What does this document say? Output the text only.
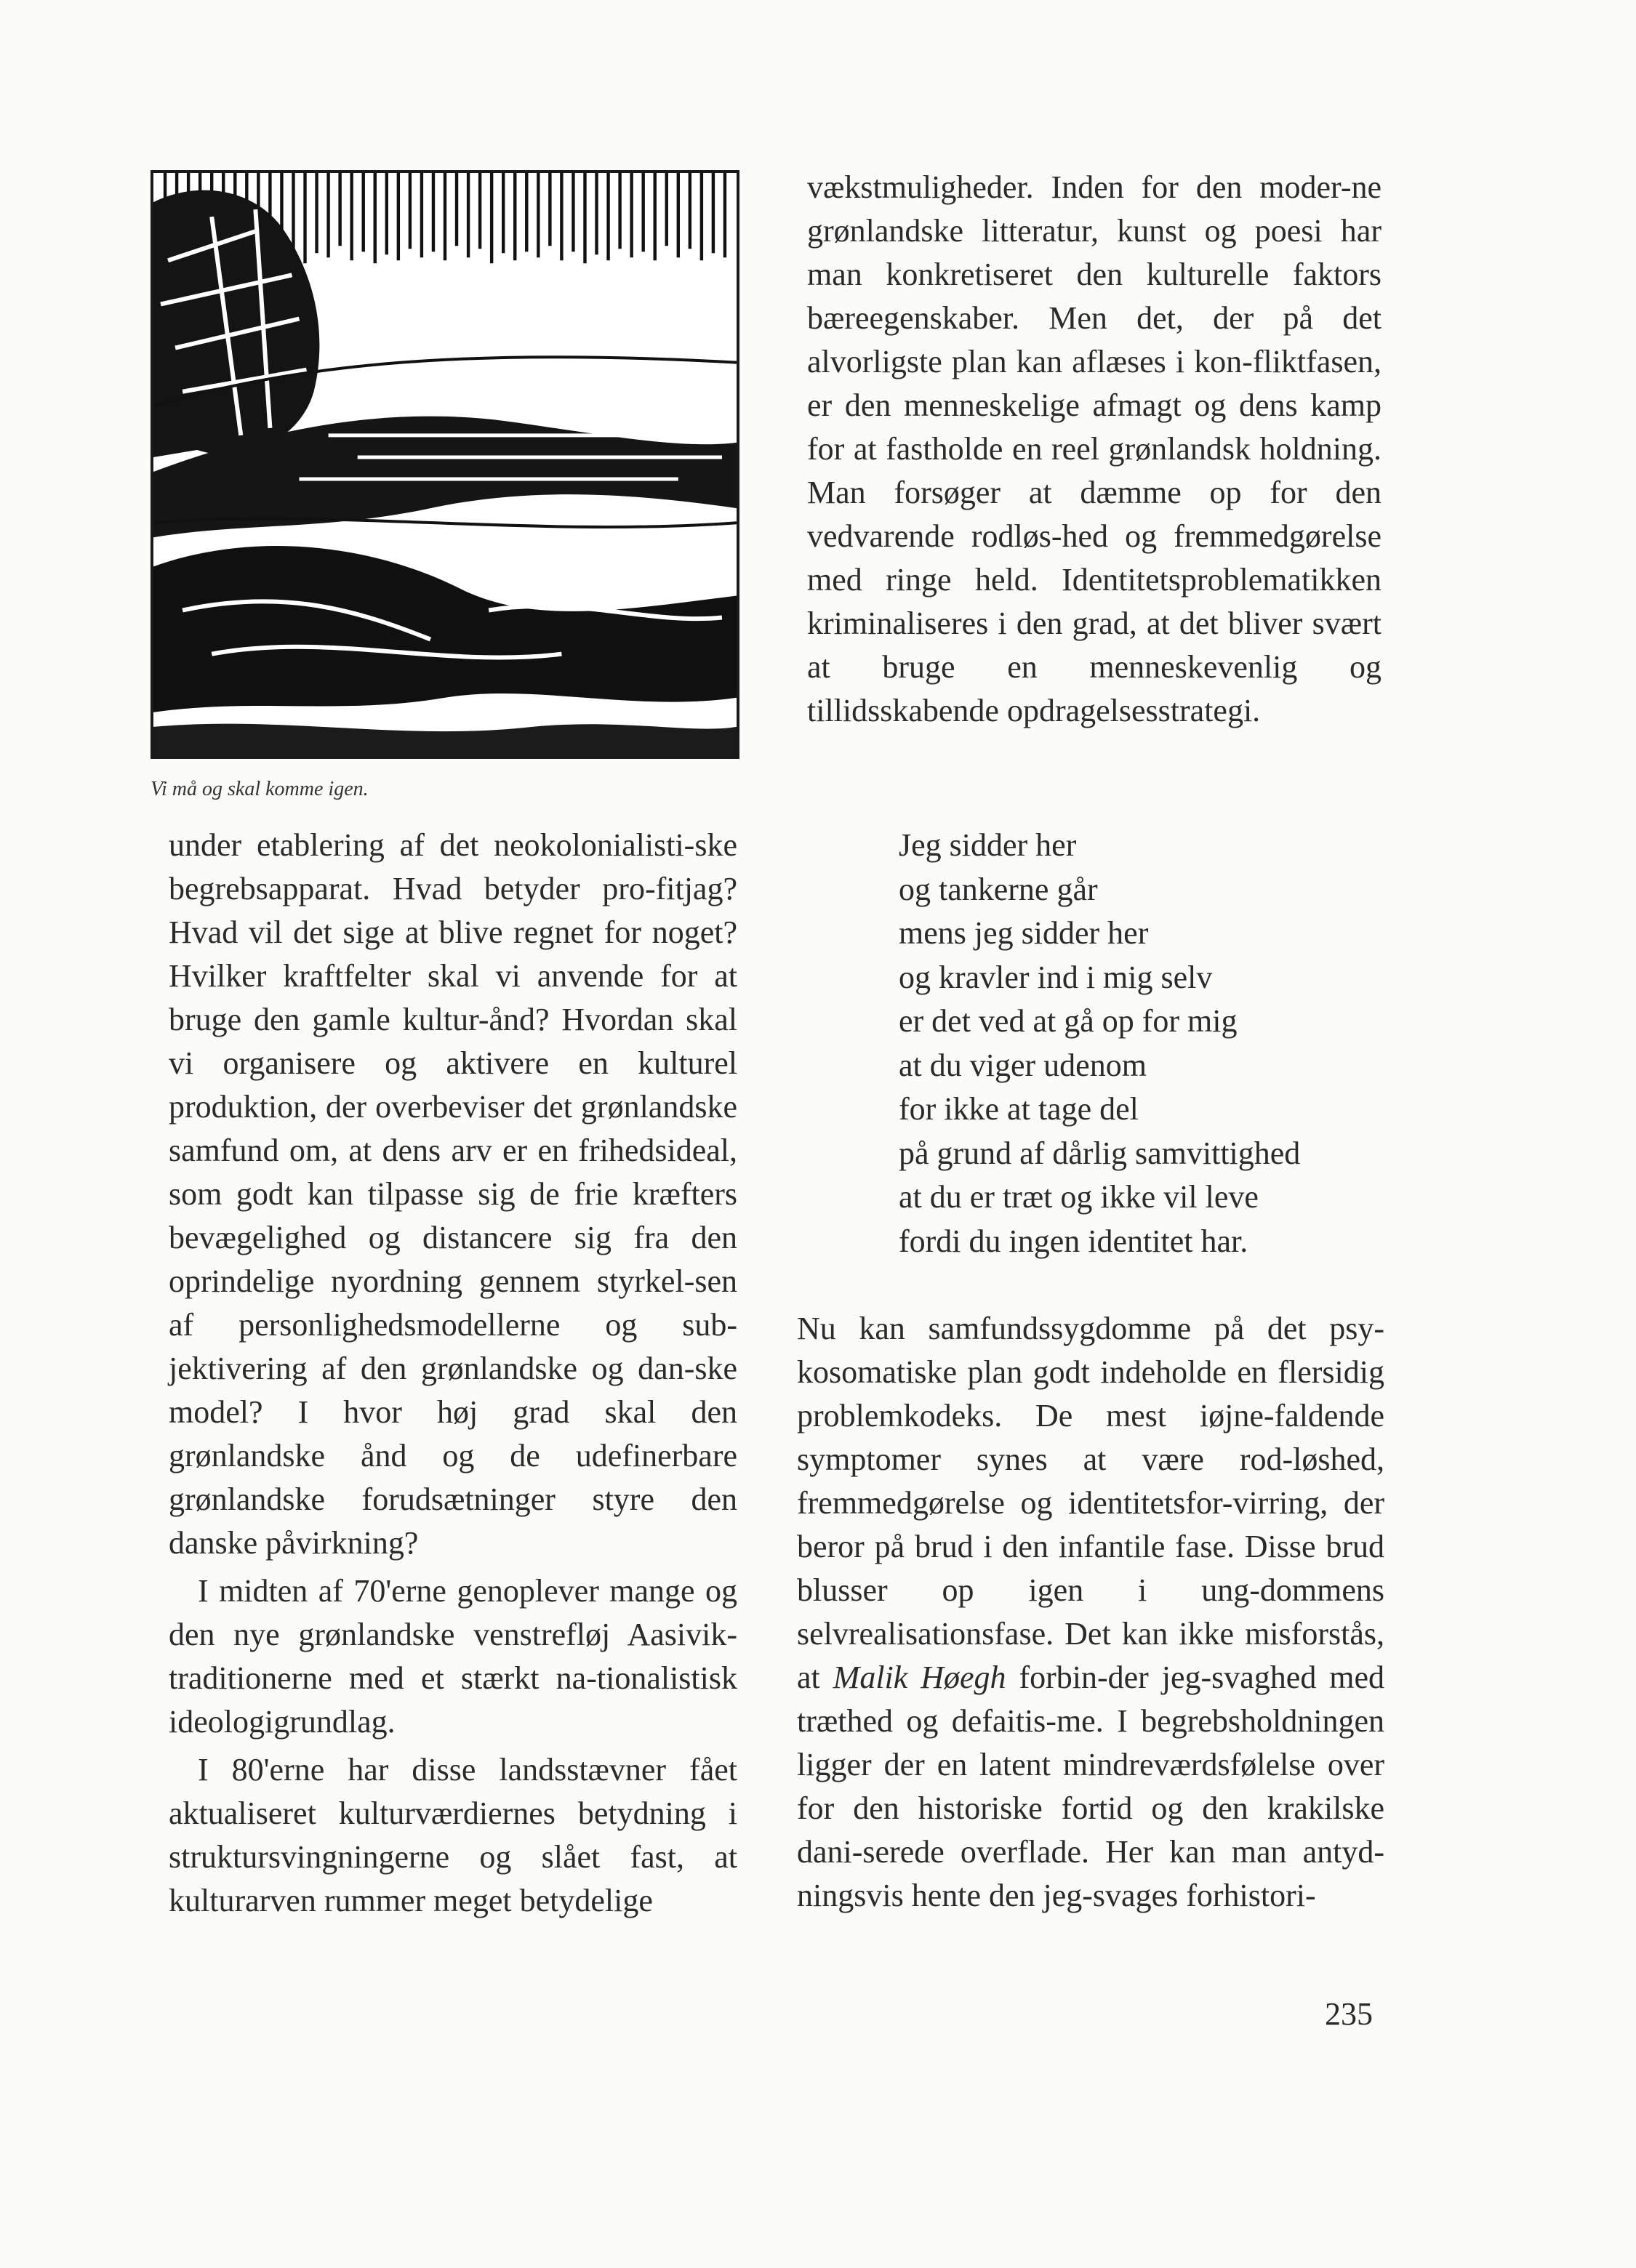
Vi må og skal komme igen.

under etablering af det neokolonialisti-ske begrebsapparat. Hvad betyder pro-fitjag? Hvad vil det sige at blive regnet for noget? Hvilker kraftfelter skal vi anvende for at bruge den gamle kultur-ånd? Hvordan skal vi organisere og aktivere en kulturel produktion, der overbeviser det grønlandske samfund om, at dens arv er en frihedsideal, som godt kan tilpasse sig de frie kræfters bevægelighed og distancere sig fra den oprindelige nyordning gennem styrkel-sen af personlighedsmodellerne og sub-jektivering af den grønlandske og dan-ske model? I hvor høj grad skal den grønlandske ånd og de udefinerbare grønlandske forudsætninger styre den danske påvirkning?

I midten af 70'erne genoplever mange og den nye grønlandske venstrefløj Aasivik-traditionerne med et stærkt na-tionalistisk ideologigrundlag.

I 80'erne har disse landsstævner fået aktualiseret kulturværdiernes betydning i struktursvingningerne og slået fast, at kulturarven rummer meget betydelige

vækstmuligheder. Inden for den moder-ne grønlandske litteratur, kunst og poesi har man konkretiseret den kulturelle faktors bæreegenskaber. Men det, der på det alvorligste plan kan aflæses i kon-fliktfasen, er den menneskelige afmagt og dens kamp for at fastholde en reel grønlandsk holdning. Man forsøger at dæmme op for den vedvarende rodløs-hed og fremmedgørelse med ringe held. Identitetsproblematikken kriminaliseres i den grad, at det bliver svært at bruge en menneskevenlig og tillidsskabende opdragelsesstrategi.

Jeg sidder her
og tankerne går
mens jeg sidder her
og kravler ind i mig selv
er det ved at gå op for mig
at du viger udenom
for ikke at tage del
på grund af dårlig samvittighed
at du er træt og ikke vil leve
fordi du ingen identitet har.

Nu kan samfundssygdomme på det psy-kosomatiske plan godt indeholde en flersidig problemkodeks. De mest iøjne-faldende symptomer synes at være rod-løshed, fremmedgørelse og identitetsfor-virring, der beror på brud i den infantile fase. Disse brud blusser op igen i ung-dommens selvrealisationsfase. Det kan ikke misforstås, at Malik Høegh forbin-der jeg-svaghed med træthed og defaitis-me. I begrebsholdningen ligger der en latent mindreværdsfølelse over for den historiske fortid og den krakilske dani-serede overflade. Her kan man antyd-ningsvis hente den jeg-svages forhistori-

235
